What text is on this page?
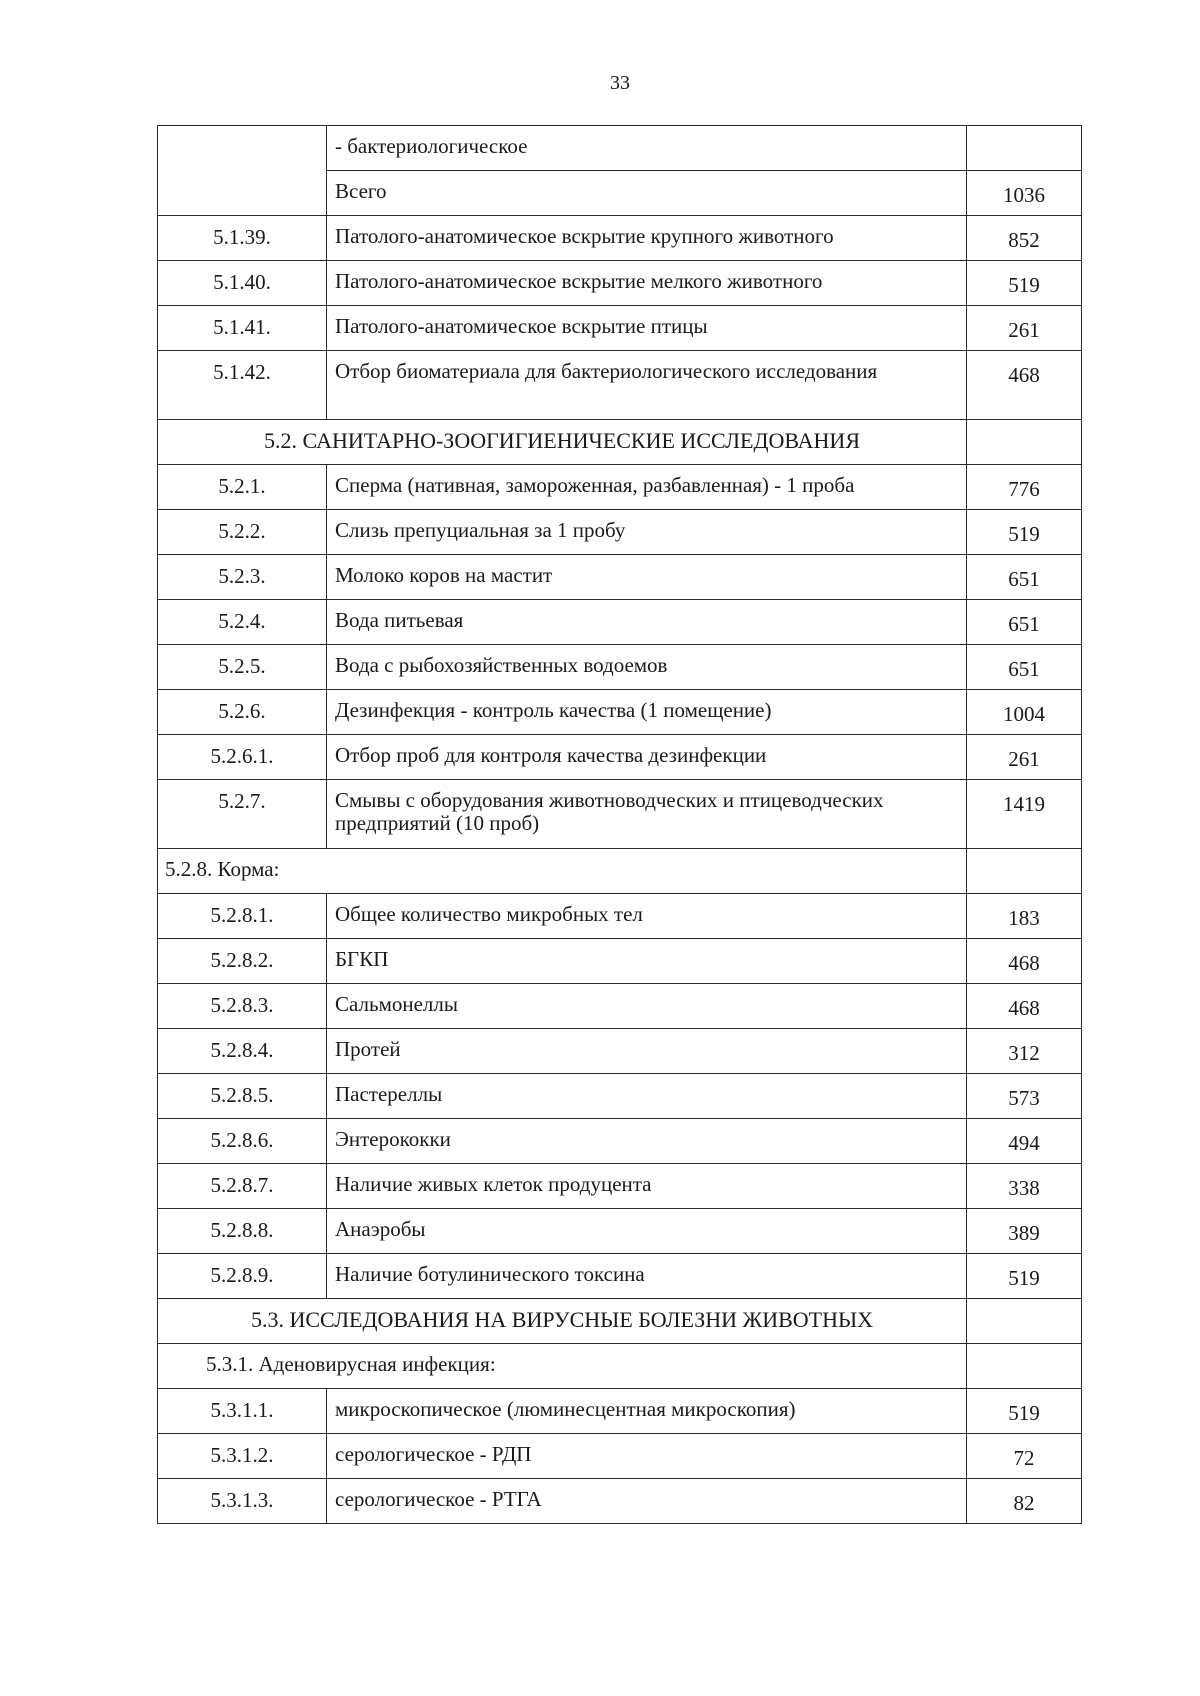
33
	- бактериологическое	
	Всего	1036
5.1.39.	Патолого-анатомическое вскрытие крупного животного	852
5.1.40.	Патолого-анатомическое вскрытие мелкого животного	519
5.1.41.	Патолого-анатомическое вскрытие птицы	261
5.1.42.	Отбор биоматериала для бактериологического исследования	468
5.2. САНИТАРНО-ЗООГИГИЕНИЧЕСКИЕ ИССЛЕДОВАНИЯ		
5.2.1.	Сперма (нативная, замороженная, разбавленная) - 1 проба	776
5.2.2.	Слизь препуциальная за 1 пробу	519
5.2.3.	Молоко коров на мастит	651
5.2.4.	Вода питьевая	651
5.2.5.	Вода с рыбохозяйственных водоемов	651
5.2.6.	Дезинфекция - контроль качества (1 помещение)	1004
5.2.6.1.	Отбор проб для контроля качества дезинфекции	261
5.2.7.	Смывы с оборудования животноводческих и птицеводческих предприятий (10 проб)	1419
5.2.8. Корма:		
5.2.8.1.	Общее количество микробных тел	183
5.2.8.2.	БГКП	468
5.2.8.3.	Сальмонеллы	468
5.2.8.4.	Протей	312
5.2.8.5.	Пастереллы	573
5.2.8.6.	Энтерококки	494
5.2.8.7.	Наличие живых клеток продуцента	338
5.2.8.8.	Анаэробы	389
5.2.8.9.	Наличие ботулинического токсина	519
5.3. ИССЛЕДОВАНИЯ НА ВИРУСНЫЕ БОЛЕЗНИ ЖИВОТНЫХ		
5.3.1. Аденовирусная инфекция:		
5.3.1.1.	микроскопическое (люминесцентная микроскопия)	519
5.3.1.2.	серологическое - РДП	72
5.3.1.3.	серологическое - РТГА	82
